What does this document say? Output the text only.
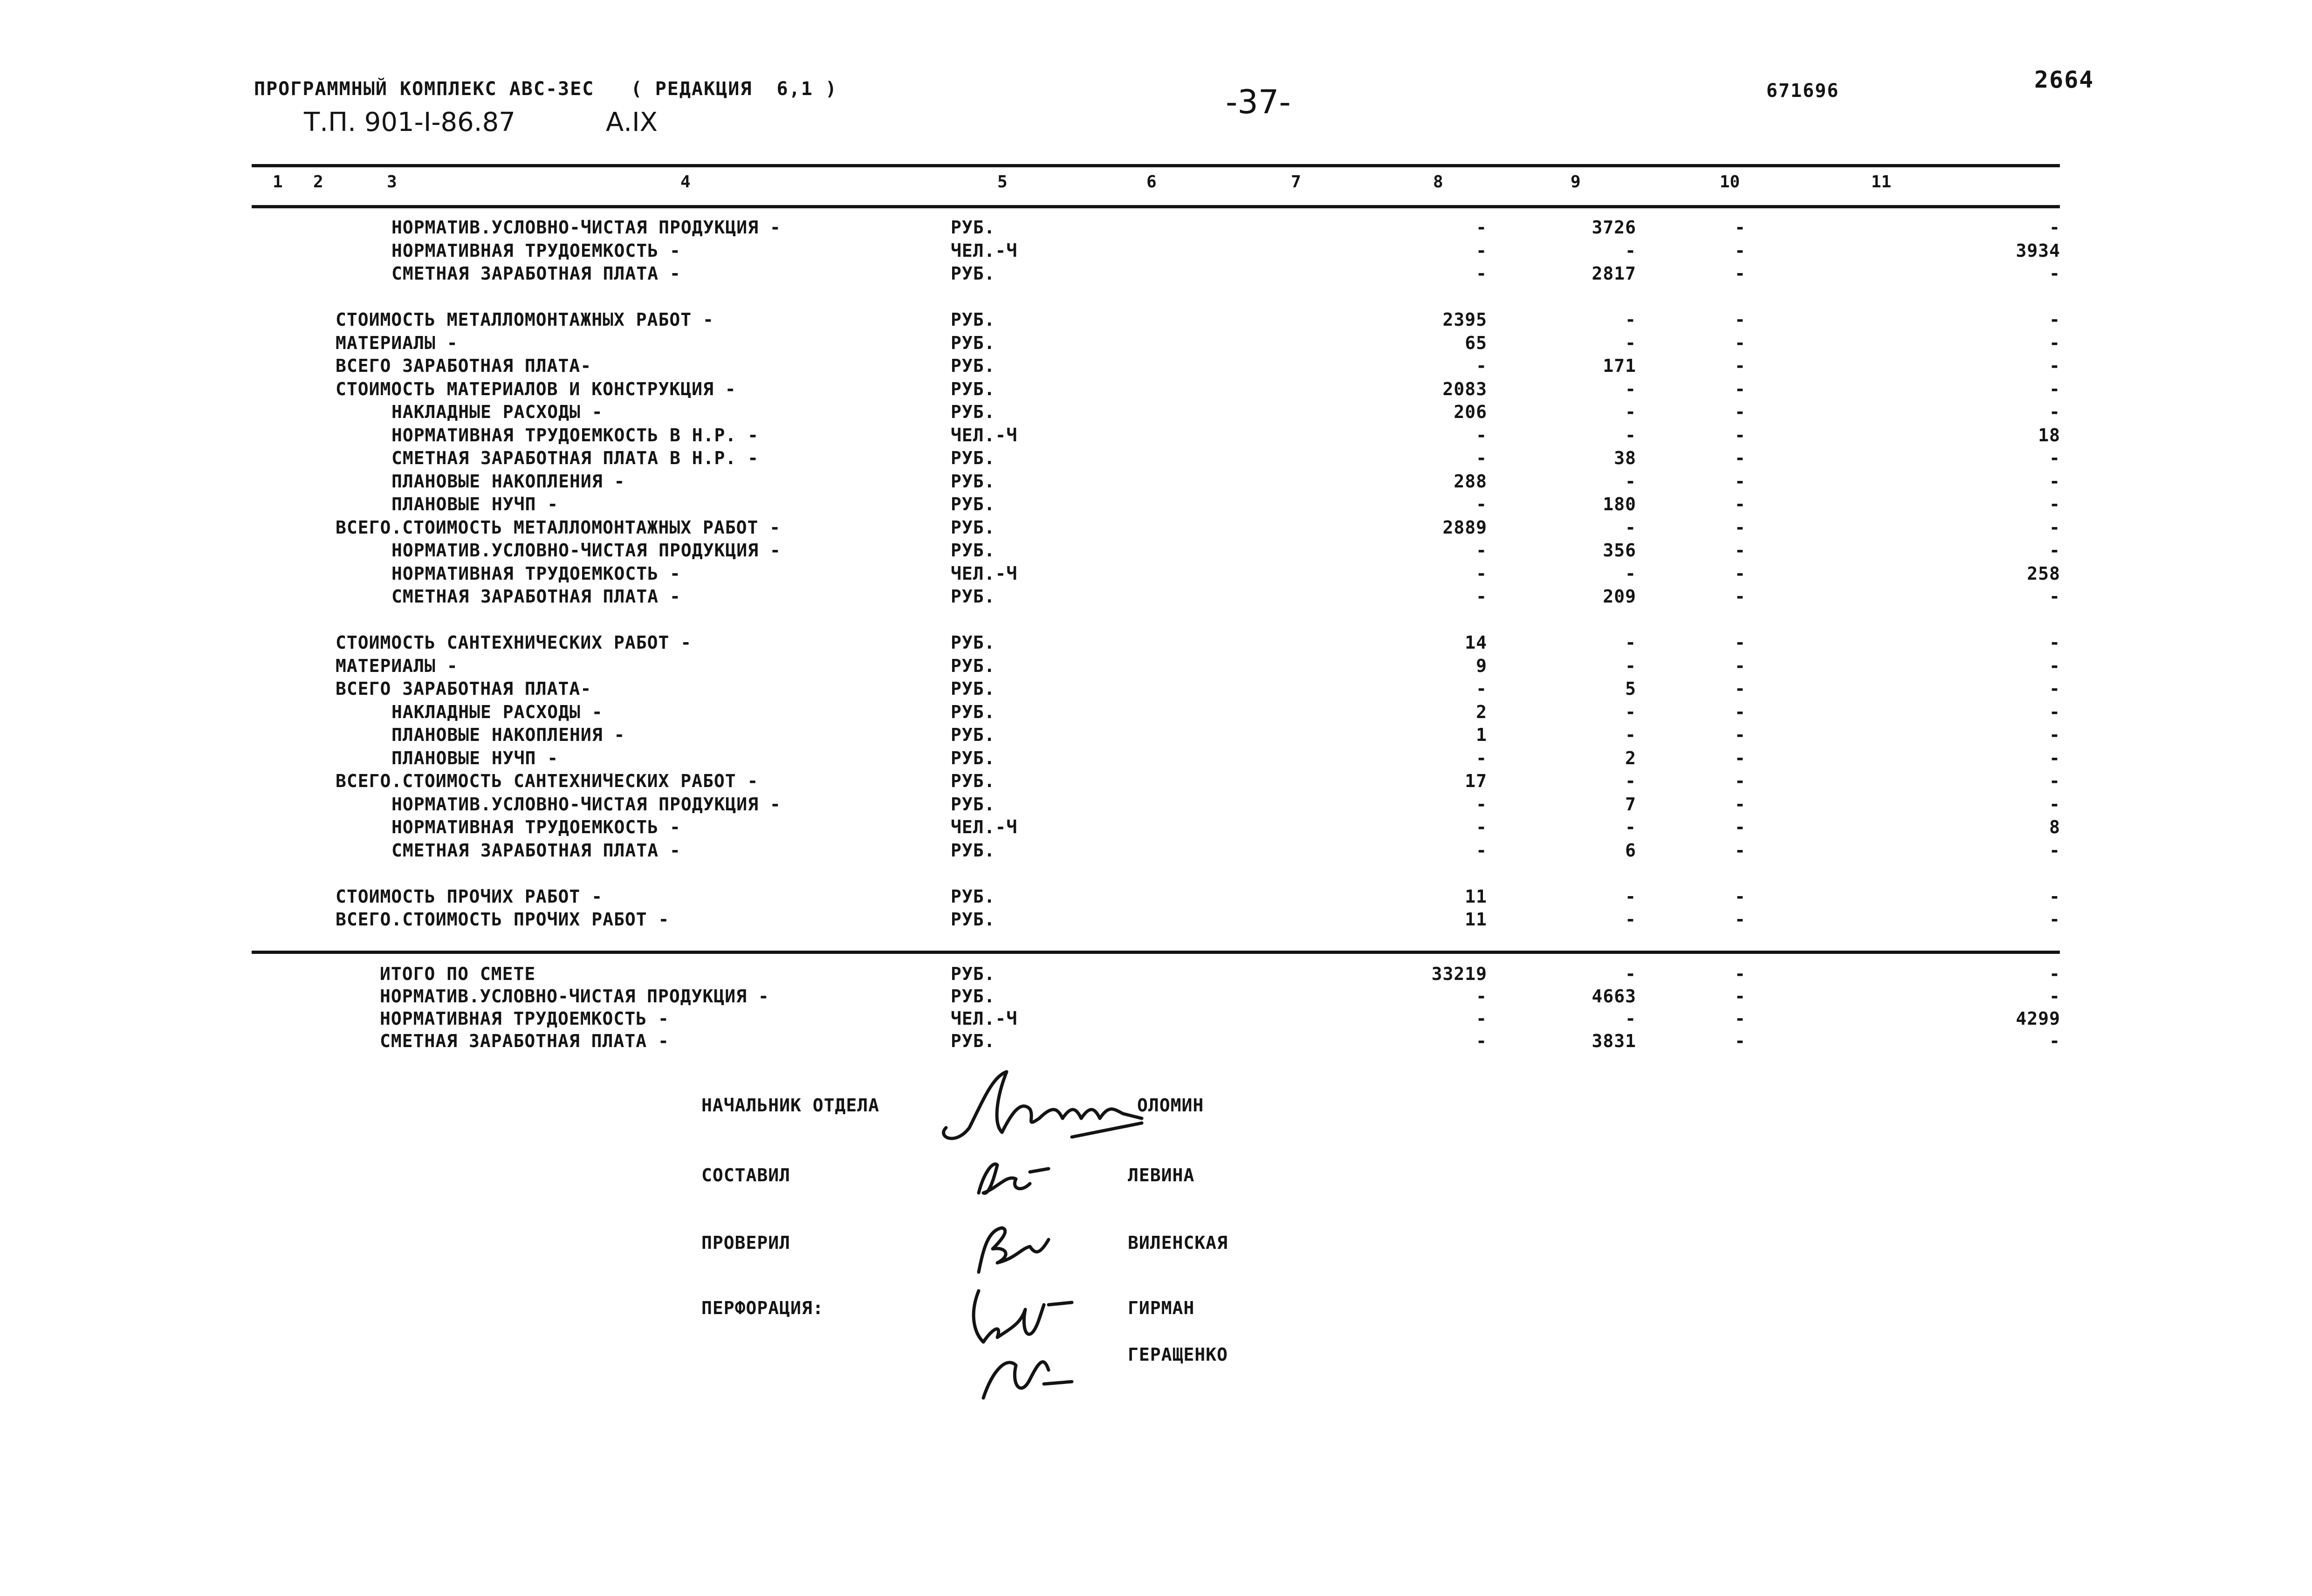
ПРОГРАММНЫЙ КОМПЛЕКС АВС-3ЕС   ( РЕДАКЦИЯ  6,1 )
Т.П. 901-I-86.87	А.IX
-37-	671696	2664
1 2	3	4	5	6	7	8	9	10	11
НОРМАТИВ.УСЛОВНО-ЧИСТАЯ ПРОДУКЦИЯ -	РУБ.	-	3726	-	-
НОРМАТИВНАЯ ТРУДОЕМКОСТЬ -	ЧЕЛ.-Ч	-	-	-	3934
СМЕТНАЯ ЗАРАБОТНАЯ ПЛАТА -	РУБ.	-	2817	-	-
СТОИМОСТЬ МЕТАЛЛОМОНТАЖНЫХ РАБОТ -	РУБ.	2395	-	-	-
МАТЕРИАЛЫ -	РУБ.	65	-	-	-
ВСЕГО ЗАРАБОТНАЯ ПЛАТА-	РУБ.	-	171	-	-
СТОИМОСТЬ МАТЕРИАЛОВ И КОНСТРУКЦИЯ -	РУБ.	2083	-	-	-
НАКЛАДНЫЕ РАСХОДЫ -	РУБ.	206	-	-	-
НОРМАТИВНАЯ ТРУДОЕМКОСТЬ В Н.Р. -	ЧЕЛ.-Ч	-	-	-	18
СМЕТНАЯ ЗАРАБОТНАЯ ПЛАТА В Н.Р. -	РУБ.	-	38	-	-
ПЛАНОВЫЕ НАКОПЛЕНИЯ -	РУБ.	288	-	-	-
ПЛАНОВЫЕ НУЧП -	РУБ.	-	180	-	-
ВСЕГО.СТОИМОСТЬ МЕТАЛЛОМОНТАЖНЫХ РАБОТ -	РУБ.	2889	-	-	-
НОРМАТИВ.УСЛОВНО-ЧИСТАЯ ПРОДУКЦИЯ -	РУБ.	-	356	-	-
НОРМАТИВНАЯ ТРУДОЕМКОСТЬ -	ЧЕЛ.-Ч	-	-	-	258
СМЕТНАЯ ЗАРАБОТНАЯ ПЛАТА -	РУБ.	-	209	-	-
СТОИМОСТЬ САНТЕХНИЧЕСКИХ РАБОТ -	РУБ.	14	-	-	-
МАТЕРИАЛЫ -	РУБ.	9	-	-	-
ВСЕГО ЗАРАБОТНАЯ ПЛАТА-	РУБ.	-	5	-	-
НАКЛАДНЫЕ РАСХОДЫ -	РУБ.	2	-	-	-
ПЛАНОВЫЕ НАКОПЛЕНИЯ -	РУБ.	1	-	-	-
ПЛАНОВЫЕ НУЧП -	РУБ.	-	2	-	-
ВСЕГО.СТОИМОСТЬ САНТЕХНИЧЕСКИХ РАБОТ -	РУБ.	17	-	-	-
НОРМАТИВ.УСЛОВНО-ЧИСТАЯ ПРОДУКЦИЯ -	РУБ.	-	7	-	-
НОРМАТИВНАЯ ТРУДОЕМКОСТЬ -	ЧЕЛ.-Ч	-	-	-	8
СМЕТНАЯ ЗАРАБОТНАЯ ПЛАТА -	РУБ.	-	6	-	-
СТОИМОСТЬ ПРОЧИХ РАБОТ -	РУБ.	11	-	-	-
ВСЕГО.СТОИМОСТЬ ПРОЧИХ РАБОТ -	РУБ.	11	-	-	-
ИТОГО ПО СМЕТЕ	РУБ.	33219	-	-	-
НОРМАТИВ.УСЛОВНО-ЧИСТАЯ ПРОДУКЦИЯ -	РУБ.	-	4663	-	-
НОРМАТИВНАЯ ТРУДОЕМКОСТЬ -	ЧЕЛ.-Ч	-	-	-	4299
СМЕТНАЯ ЗАРАБОТНАЯ ПЛАТА -	РУБ.	-	3831	-	-
НАЧАЛЬНИК ОТДЕЛА	ОЛОМИН
СОСТАВИЛ	ЛЕВИНА
ПРОВЕРИЛ	ВИЛЕНСКАЯ
ПЕРФОРАЦИЯ:	ГИРМАН
ГЕРАЩЕНКО
